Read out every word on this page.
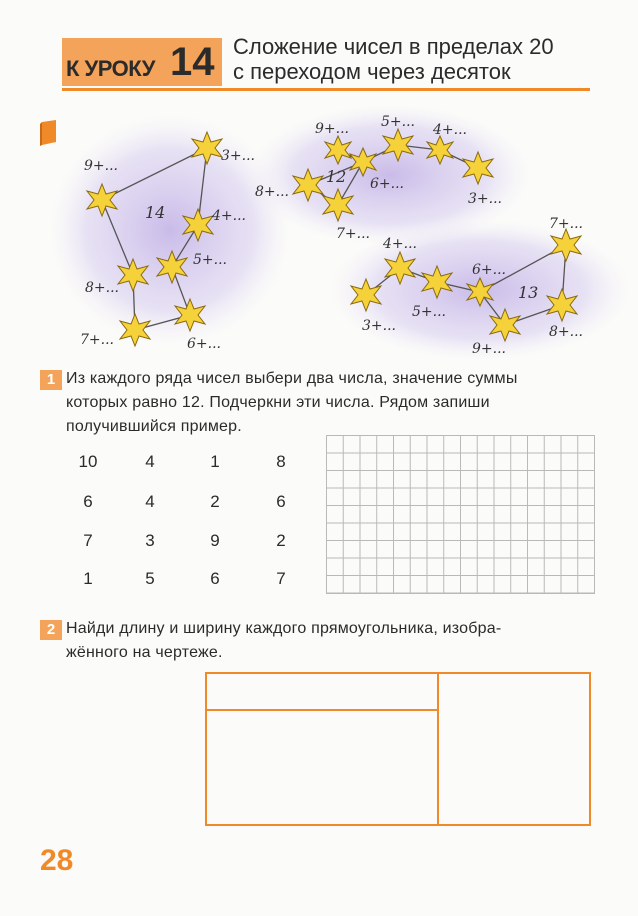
К УРОКУ 14 Сложение чисел в пределах 20
с переходом через десяток
3+...
9+...
4+...
5+...
8+...
7+...	6+...
14
9+... 5+... 4+...
8+...	6+...
7+...
3+...
12
7+...
4+...
6+...
5+...
3+...	8+...
9+...
13
1 Из каждого ряда чисел выбери два числа, значение суммы
которых равно 12. Подчеркни эти числа. Рядом запиши
получившийся пример.
10	4	1	8
6	4	2	6
7	3	9	2
1	5	6	7
2 Найди длину и ширину каждого прямоугольника, изобра-
жённого на чертеже.
28
